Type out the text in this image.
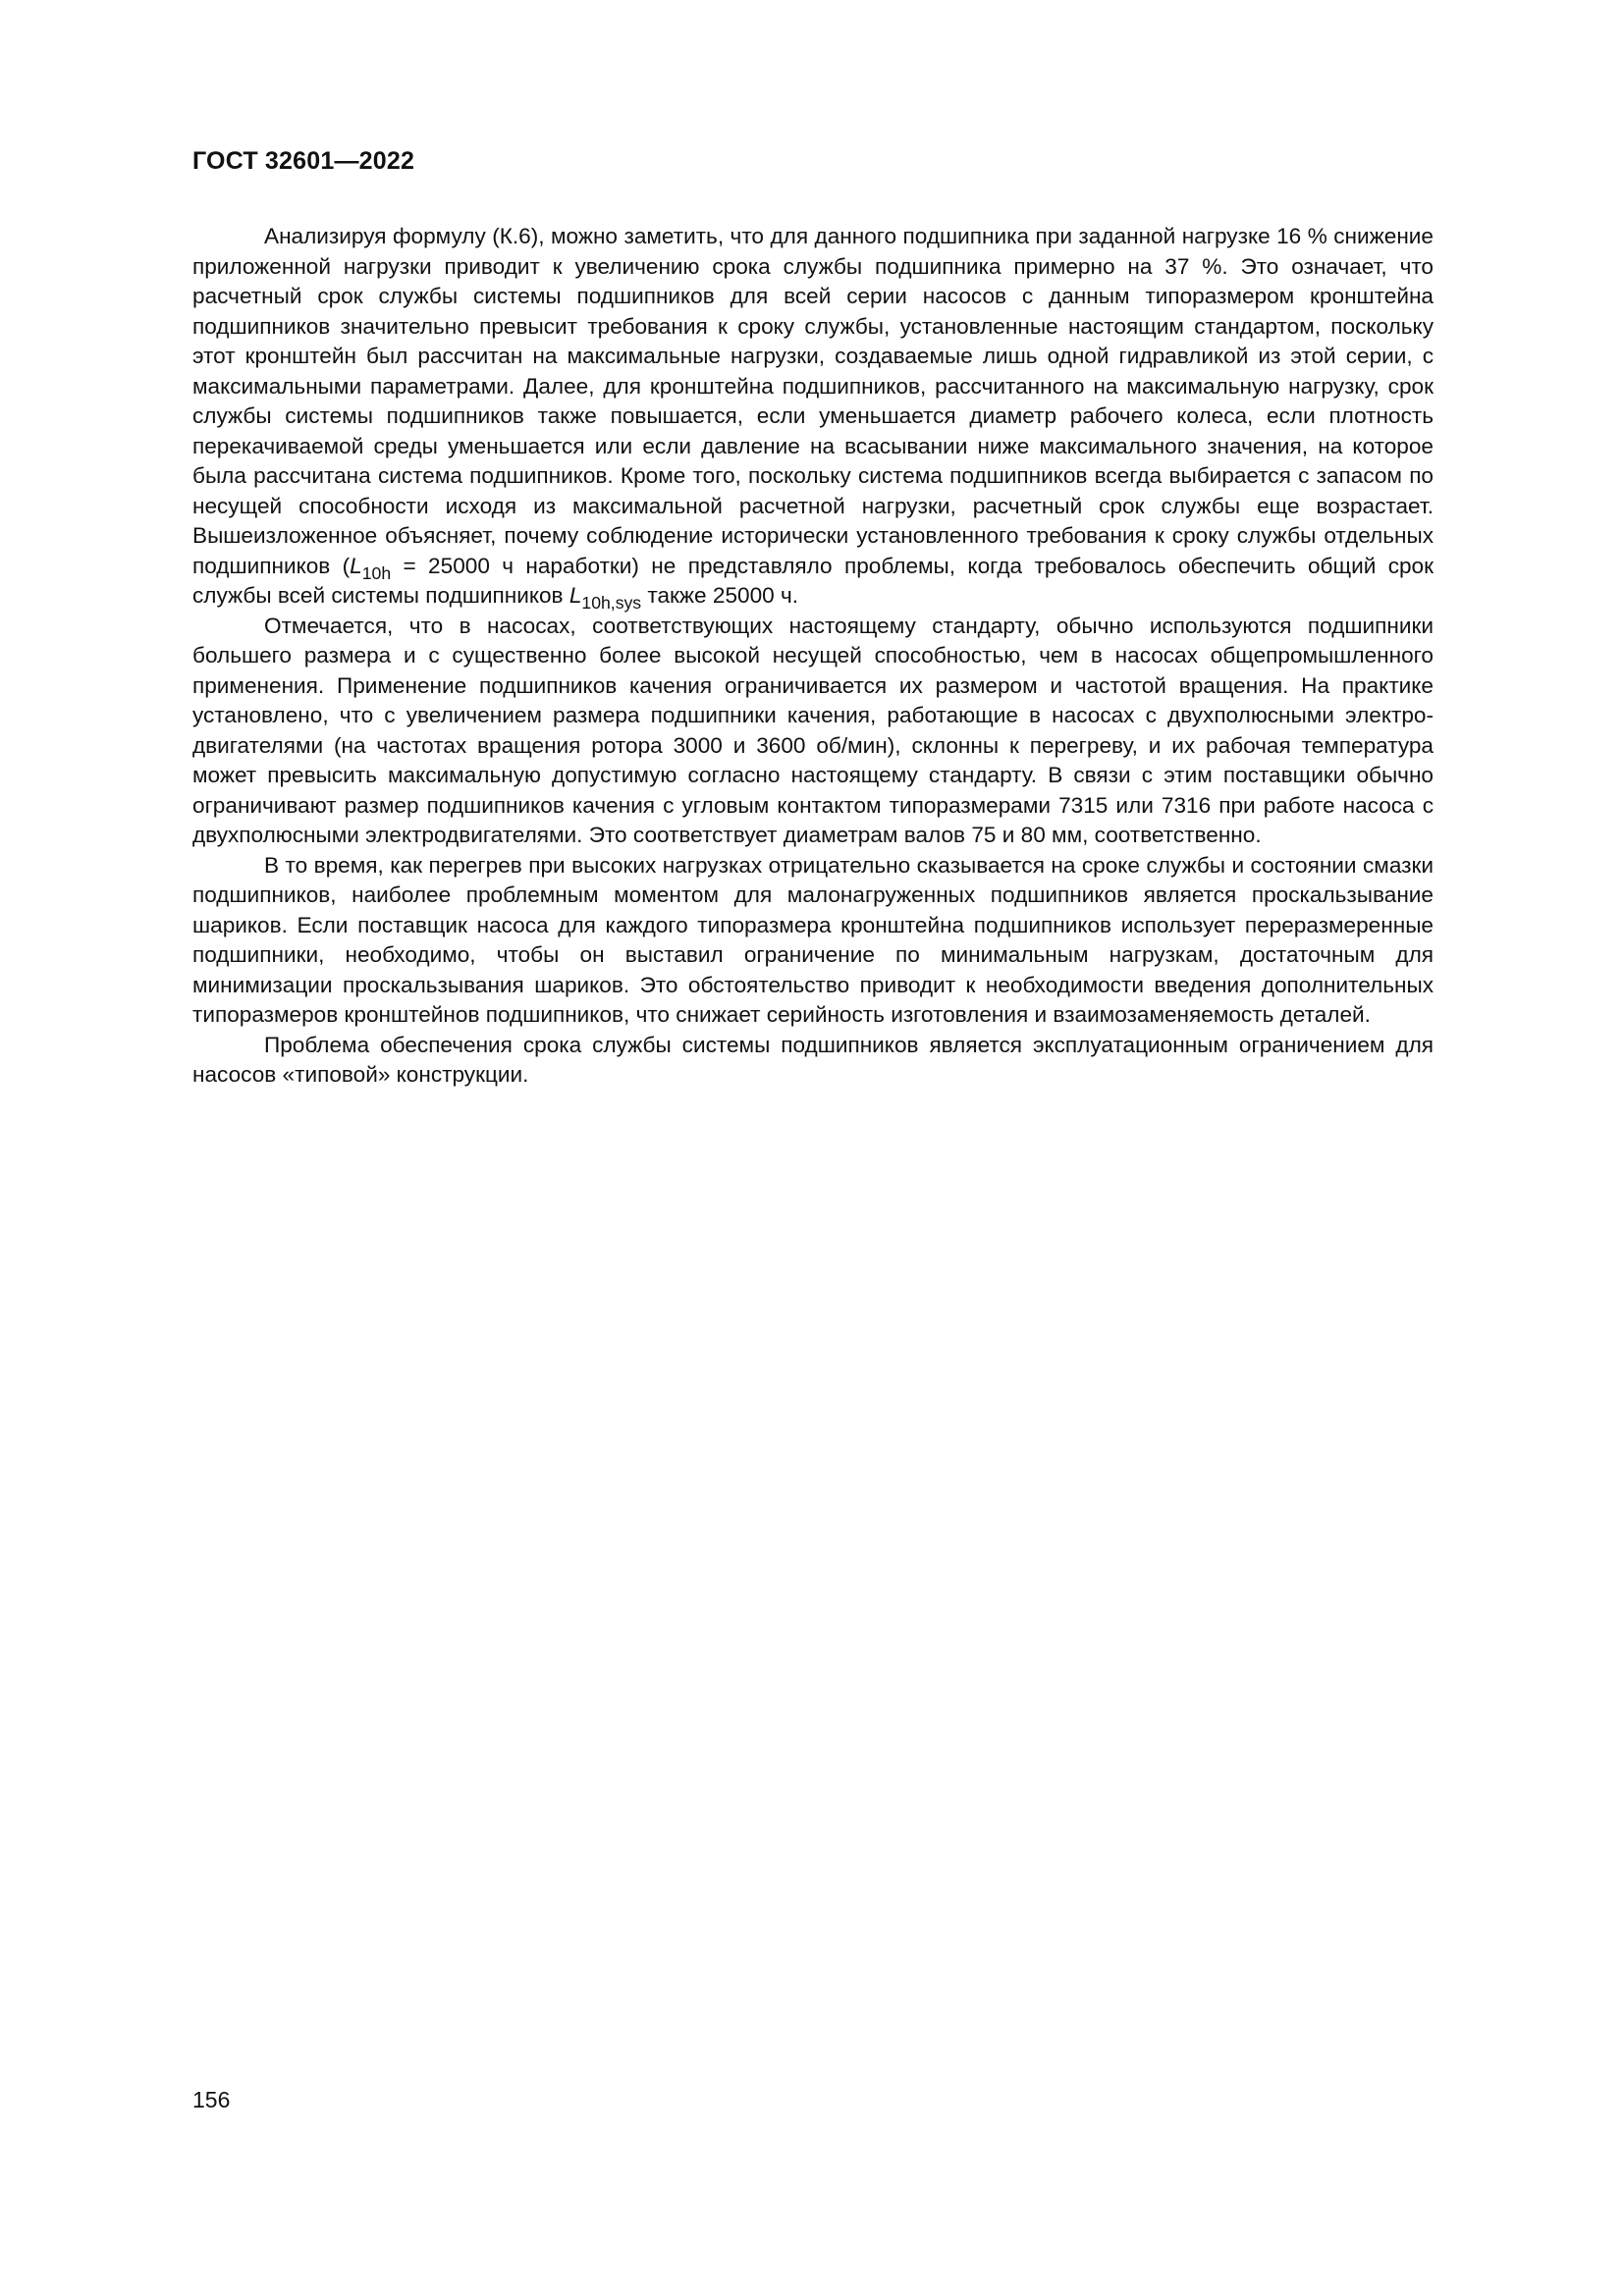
ГОСТ 32601—2022

Анализируя формулу (К.6), можно заметить, что для данного подшипника при заданной нагрузке 16 % снижение приложенной нагрузки приводит к увеличению срока службы подшипника примерно на 37 %. Это означает, что расчетный срок службы системы подшипников для всей серии насосов с данным типоразмером кронштейна подшипников значительно превысит требования к сроку службы, установленные настоящим стандартом, поскольку этот кронштейн был рассчитан на максимальные нагрузки, создаваемые лишь одной гидравликой из этой серии, с максимальными параметрами. Далее, для кронштейна подшипников, рассчитанного на максимальную нагрузку, срок службы системы подшипников также повышается, если уменьшается диаметр рабочего колеса, если плотность перекачиваемой среды уменьшается или если давление на всасывании ниже максимального значения, на которое была рассчитана система подшипников. Кроме того, поскольку система подшипников всегда выбирается с запасом по несущей способности исходя из максимальной расчетной нагрузки, расчетный срок службы еще возрастает. Вышеизложенное объясняет, почему соблюдение исторически установленного требования к сроку службы отдельных подшипников ($L_{10h} = 25000$ ч наработки) не представляло проблемы, когда требовалось обеспечить общий срок службы всей системы подшипников $L_{10h,sys}$ также 25000 ч.

Отмечается, что в насосах, соответствующих настоящему стандарту, обычно используются подшипники большего размера и с существенно более высокой несущей способностью, чем в насосах общепромышленного применения. Применение подшипников качения ограничивается их размером и частотой вращения. На практике установлено, что с увеличением размера подшипники качения, работающие в насосах с двухполюсными электродвигателями (на частотах вращения ротора 3000 и 3600 об/мин), склонны к перегреву, и их рабочая температура может превысить максимальную допустимую согласно настоящему стандарту. В связи с этим поставщики обычно ограничивают размер подшипников качения с угловым контактом типоразмерами 7315 или 7316 при работе насоса с двухполюсными электродвигателями. Это соответствует диаметрам валов 75 и 80 мм, соответственно.

В то время, как перегрев при высоких нагрузках отрицательно сказывается на сроке службы и состоянии смазки подшипников, наиболее проблемным моментом для малонагруженных подшипников является проскальзывание шариков. Если поставщик насоса для каждого типоразмера кронштейна подшипников использует переразмеренные подшипники, необходимо, чтобы он выставил ограничение по минимальным нагрузкам, достаточным для минимизации проскальзывания шариков. Это обстоятельство приводит к необходимости введения дополнительных типоразмеров кронштейнов подшипников, что снижает серийность изготовления и взаимозаменяемость деталей.

Проблема обеспечения срока службы системы подшипников является эксплуатационным ограничением для насосов «типовой» конструкции.

156
